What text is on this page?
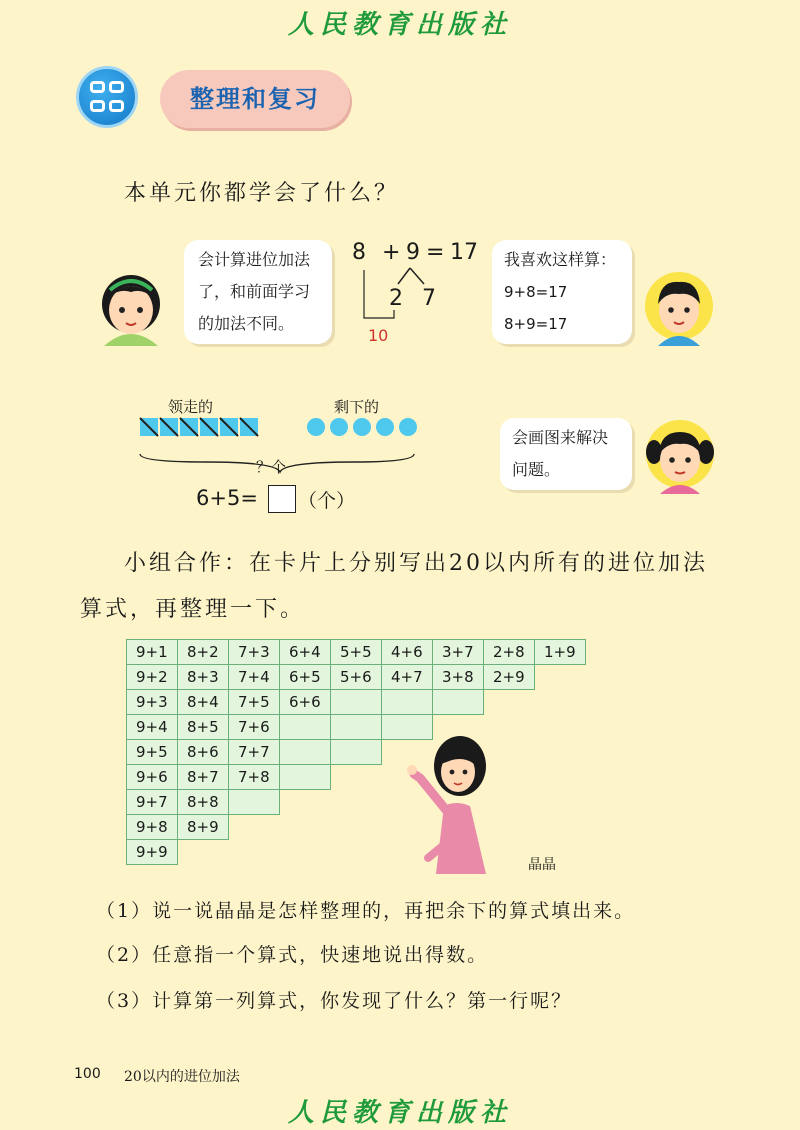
人民教育出版社
整理和复习
本单元你都学会了什么？
会计算进位加法
了，和前面学习
的加法不同。
8 + 9 = 17
2 7
10
我喜欢这样算：
9+8=17
8+9=17
领走的	剩下的
？个
6+5= （个）
会画图来解决
问题。
小组合作：在卡片上分别写出20以内所有的进位加法
算式，再整理一下。
9+1	8+2	7+3	6+4	5+5	4+6	3+7	2+8	1+9
9+2	8+3	7+4	6+5	5+6	4+7	3+8	2+9	
9+3	8+4	7+5	6+6					
9+4	8+5	7+6						
9+5	8+6	7+7						
9+6	8+7	7+8						
9+7	8+8							
9+8	8+9							
9+9								
晶晶
（1）说一说晶晶是怎样整理的，再把余下的算式填出来。
（2）任意指一个算式，快速地说出得数。
（3）计算第一列算式，你发现了什么？第一行呢？
100 20以内的进位加法
人民教育出版社
